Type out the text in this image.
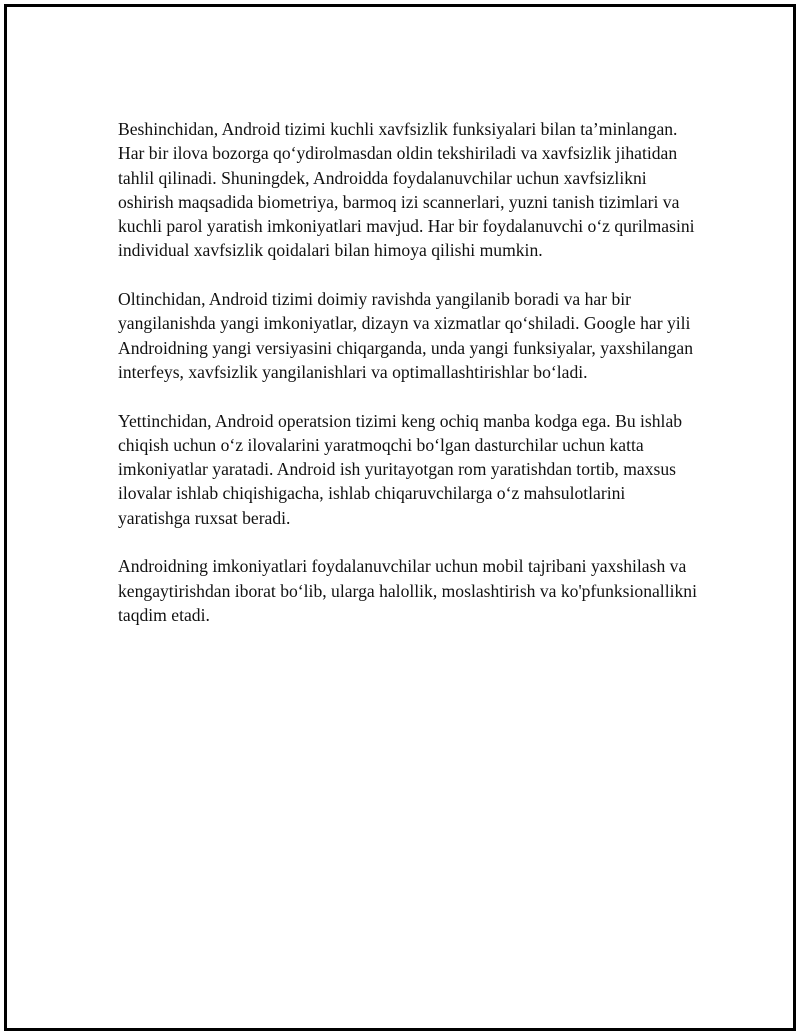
Beshinchidan, Android tizimi kuchli xavfsizlik funksiyalari bilan ta’minlangan. Har bir ilova bozorga qo‘ydirolmasdan oldin tekshiriladi va xavfsizlik jihatidan tahlil qilinadi. Shuningdek, Androidda foydalanuvchilar uchun xavfsizlikni oshirish maqsadida biometriya, barmoq izi scannerlari, yuzni tanish tizimlari va kuchli parol yaratish imkoniyatlari mavjud. Har bir foydalanuvchi o‘z qurilmasini individual xavfsizlik qoidalari bilan himoya qilishi mumkin.

Oltinchidan, Android tizimi doimiy ravishda yangilanib boradi va har bir yangilanishda yangi imkoniyatlar, dizayn va xizmatlar qo‘shiladi. Google har yili Androidning yangi versiyasini chiqarganda, unda yangi funksiyalar, yaxshilangan interfeys, xavfsizlik yangilanishlari va optimallashtirishlar bo‘ladi.

Yettinchidan, Android operatsion tizimi keng ochiq manba kodga ega. Bu ishlab chiqish uchun o‘z ilovalarini yaratmoqchi bo‘lgan dasturchilar uchun katta imkoniyatlar yaratadi. Android ish yuritayotgan rom yaratishdan tortib, maxsus ilovalar ishlab chiqishigacha, ishlab chiqaruvchilarga o‘z mahsulotlarini yaratishga ruxsat beradi.

Androidning imkoniyatlari foydalanuvchilar uchun mobil tajribani yaxshilash va kengaytirishdan iborat bo‘lib, ularga halollik, moslashtirish va ko'pfunksionallikni taqdim etadi.
